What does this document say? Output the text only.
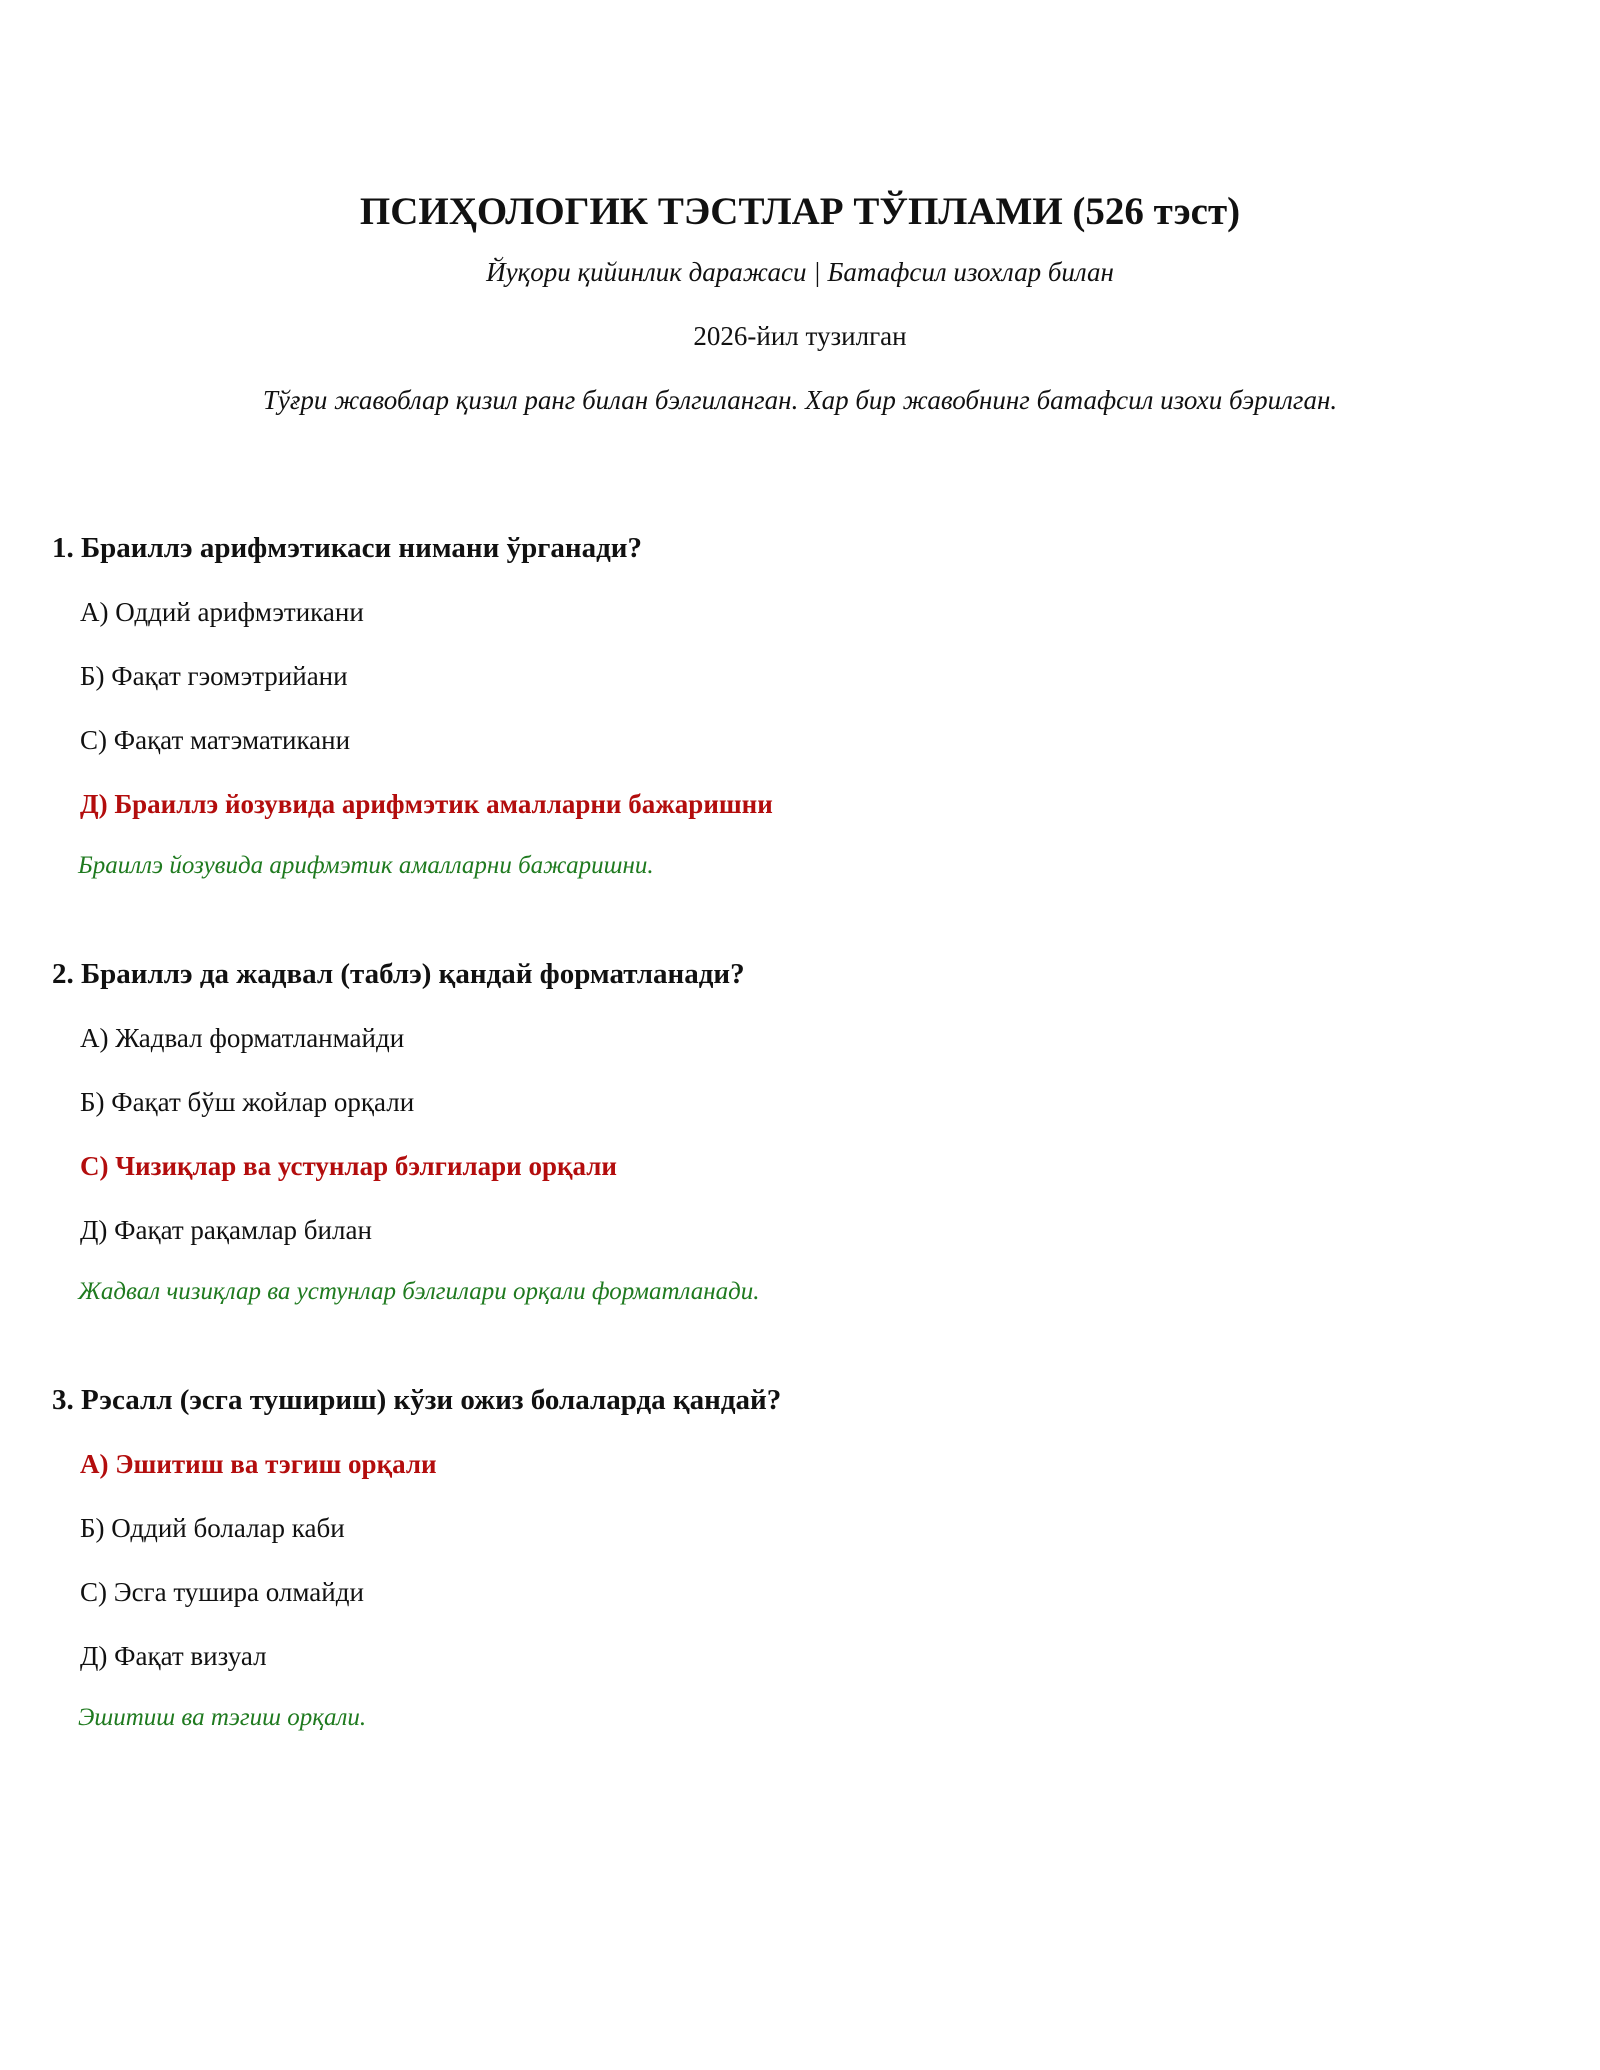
ПСИҲОЛОГИК ТЭСТЛАР ТЎПЛАМИ (526 тэст)

Йуқори қийинлик даражаси | Батафсил изохлар билан

2026-йил тузилган

Тўғри жавоблар қизил ранг билан бэлгиланган. Хар бир жавобнинг батафсил изохи бэрилган.

1. Браиллэ арифмэтикаси нимани ўрганади?

А) Оддий арифмэтикани

Б) Фақат гэомэтрийани

С) Фақат матэматикани

Д) Браиллэ йозувида арифмэтик амалларни бажаришни

Браиллэ йозувида арифмэтик амалларни бажаришни.

2. Браиллэ да жадвал (таблэ) қандай форматланади?

А) Жадвал форматланмайди

Б) Фақат бўш жойлар орқали

С) Чизиқлар ва устунлар бэлгилари орқали

Д) Фақат рақамлар билан

Жадвал чизиқлар ва устунлар бэлгилари орқали форматланади.

3. Рэсалл (эсга тушириш) кўзи ожиз болаларда қандай?

А) Эшитиш ва тэгиш орқали

Б) Оддий болалар каби

С) Эсга тушира олмайди

Д) Фақат визуал

Эшитиш ва тэгиш орқали.
